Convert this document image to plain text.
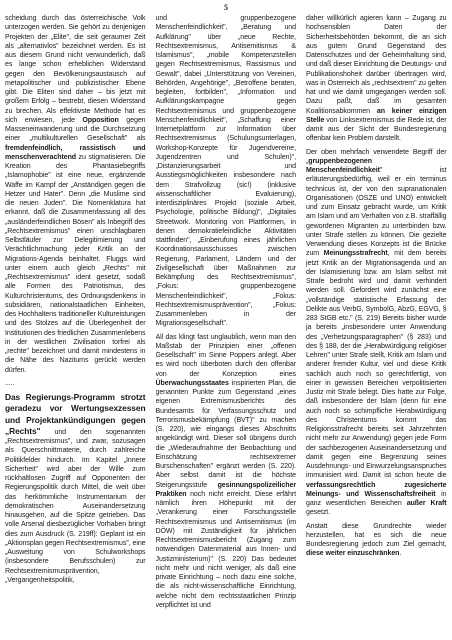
5

scheidung durch das österreichische Volk unterzogen werden. Sie gehört zu denjenigen Projekten der „Elite", die seit geraumer Zeit als „alternativlos" bezeichnet werden. Es ist aus diesem Grund nicht verwunderlich, daß es lange schon erheblichen Widerstand gegen den Bevölkerungsaustausch auf metapolitischer und publizistischer Ebene gibt. Die Eliten sind daher – bis jetzt mit großem Erfolg – bestrebt, diesen Widerstand zu brechen. Als effektivste Methode hat es sich erwiesen, jede Opposition gegen Masseneinwanderung und die Durchsetzung einer „multikulturellen Gesellschaft" als fremdenfeindlich, rassistisch und menschenverachtend zu stigmatisieren. Die Kreation des Phantasiebegriffs „Islamophobie" ist eine neue, ergänzende Waffe im Kampf der „Anständigen gegen die Hetzer und Hater". Denn „die Muslime sind die neuen Juden". Die Nomenklatura hat erkannt, daß die Zusammenfassung all des „ausländerfeindlichen Bösen" als Inbegriff des „Rechtsextremismus" einen unschlagbaren Selbstläufer zur Delegitimierung und Verächtlichmachung jeder Kritik an der Migrations-Agenda beinhaltet. Fluggs wird unter einem auch gleich „Rechts" mit „Rechtsextremismus" ident gesetzt, sodaß alle Formen des Patriotismus, des Kulturchristentums, des Ordnungsdenkens in subsidiären, nationalstaatlichen Einheiten, des Hochhaltens traditioneller Kultureistungen und des Stolzes auf die Überlegenheit der Institutionen des friedlichen Zusammenlebens in der westlichen Zivilisation torfrei als „rechte" bezeichnet und damit mindestens in die Nähe des Nazitums gerückt werden dürfen.

.....

Das Regierungs-Programm strotzt geradezu vor Wertungsexzessen und Projektankündigungen gegen „Rechts" und den sogenannten „Rechtsextremismus", und zwar, sozusagen als Querschnittmaterie, durch zahlreiche Politikfelder hindurch. Im Kapitel „Innere Sicherheit" wird aber der Wille zum rückhaltlosen Zugriff auf Opponenten der Regierungspolitik durch Mittel, die weit über das herkömmliche Instrumentarium der demokratischen Auseinandersetzung hinausgehen, auf die Spitze getrieben. Das volle Arsenal diesbezüglicher Vorhaben bringt dies zum Ausdruck (S. 219ff): Geplant ist ein „Aktionsplan gegen Rechtsextremismus", eine „Ausweitung von Schulworkshops (insbesondere Berufsschulen) zur Rechtsextremismusprävention, „Vergangenheitspolitik,

und gruppenbezogene Menschenfeindlichkeit", „Beratung und Aufklärung" über „neue Rechte, Rechtsextremismus, Antisemitismus & Islamismus", „mobile Kompetenzstellen gegen Rechtsextremismus, Rassismus und Gewalt", dabei „Unterstützung von Vereinen, Behörden, Angehörige", „Betroffene beraten, begleiten, fortbilden", „Information und Aufklärungskampagne gegen Rechtsextremismus und gruppenbezogene Menschenfeindlichkeit", „Schaffung einer Internetplattform zur Information über Rechtsextremismus (Schulungsunterlagen, Workshop-Konzepte für Jugendvereine, Jugendzentren und Schulen)", „Distanzierungsarbeit und Ausstiegsmöglichkeiten insbesondere nach dem Strafvollzug (sic!) (inklusive wissenschaftlicher Evaluierung), interdisziplinäres Projekt (soziale Arbeit, Psychologie, politische Bildung)", „Digitales Streetwork. Monitoring von Plattformen, in denen demokratiefeindliche Aktivitäten stattfinden", „Einberufung eines jährlichen Koordinationsausschusses zwischen Regierung, Parlament, Ländern und der Zivilgesellschaft über Maßnahmen zur Bekämpfung des Rechtsextremismus", „Fokus: gruppenbezogene Menschenfeindlichkeit", „Fokus: Rechtsextremismusprävention", „Fokus: Zusammenleben in der Migrationsgesellschaft".

All das klingt fast unglaublich, wenn man den Maßstab der Prinzipien einer „offenen Gesellschaft" im Sinne Poppers anlegt. Aber es wird noch überboten durch den offenbar von der Konzeption eines Überwachungsstaates inspirierten Plan, die genannten Punkte zum Gegenstand „eines eigenen Extremismusberichts des Bundesamts für Verfassungsschutz und Terrorismusbekämpfung (BVT)" zu machen (S. 220), wie eingangs dieses Abschnitts angekündigt wird. Dieser soll übrigens durch die „Wiederaufnahme der Beobachtung und Einschätzung rechtsextremer Burschenschaften" ergänzt werden (S. 220). Aber selbst damit ist die höchste Steigerungsstufe gesinnungspolizeilicher Praktiken noch nicht erreicht. Diese erfährt nämlich ihren Höhepunkt mit der „Verankerung einer Forschungsstelle Rechtsextremismus und Antisemitismus (im DÖW) mit Zuständigkeit für jährlichen Rechtsextremismusbericht (Zugang zum notwendigen Datenmaterial aus Innen- und Justizministerium)" (S. 220) Das bedeutet nicht mehr und nicht weniger, als daß eine private Einrichtung – noch dazu eine solche, die als nicht-wissenschaftliche Einrichtung, welche nicht dem rechtsstaatlichen Prinzip verpflichtet ist und

daher willkürlich agieren kann – Zugang zu hochsensiblen Daten der Sicherheitsbehörden bekommt, die an sich aus gutem Grund Gegenstand des Datenschutzes und der Geheimhaltung sind, und daß dieser Einrichtung die Deutungs- und Publikationshoheit darüber übertragen wird, was in Österreich als „rechtsextrem" zu gelten hat und wie damit umgegangen werden soll. Dazu paßt, daß im gesamten Koalitionsabkommen an keiner einzigen Stelle von Linksextremismus die Rede ist, der damit aus der Sicht der Bundesregierung offenbar kein Problem darstellt.

Der oben mehrfach verwendete Begriff der „gruppenbezogenen Menschenfeindlichkeit" ist erläuterungsbedürftig, weil er ein terminus technicus ist, der von den supranationalen Organisationen (OSZE und UNO) entwickelt und zum Einsatz gebracht wurde, um Kritik am Islam und am Verhalten von z.B. straffällig gewordenen Migranten zu unterbinden bzw. unter Strafe stellen zu können. Die gezielte Verwendung dieses Konzepts ist die Brücke zum Meinungsstrafrecht, mit dem bereits jetzt Kritik an der Migrationsagenda und an der Islamisierung bzw. am Islam selbst mit Strafe bedroht wird und damit verhindert werden soll. Gefordert wird zunächst eine „vollständige statistische Erfassung der Delikte aus VerbG, SymbolG, AbzG, EGVG, § 283 StGB etc." (S. 219) Bereits bisher wurde ja bereits „insbesondere unter Anwendung des „Verhetzungsparagraphen" (§ 283) und des § 188, der die „Herabwürdigung religiöser Lehren" unter Strafe stellt, Kritik am Islam und anderer fremder Kultur, viel und diese Kritik sachlich auch noch so gerechtfertigt, von einer in gewissen Bereichen verpolitisierten Justiz mit Strafe belegt. Dies hatte zur Folge, daß insbesondere der Islam (denn für eine auch noch so schimpfliche Herabwürdigung des Christentums kommt das Religionsstrafrecht bereits seit Jahrzehnten nicht mehr zur Anwendung) gegen jede Form der sachbezogenen Auseinandersetzung und damit gegen eine Begrenzung seines Ausdehnungs- und Einwurzelungsanspruches immunisiert wird. Damit ist schon heute die verfassungsrechtlich zugesicherte Meinungs- und Wissenschaftsfreiheit in ganz wesentlichen Bereichen außer Kraft gesetzt.

Anstatt diese Grundrechte wieder herzustellen, hat es sich die neue Bundesregierung jedoch zum Ziel gemacht, diese weiter einzuschränken.
